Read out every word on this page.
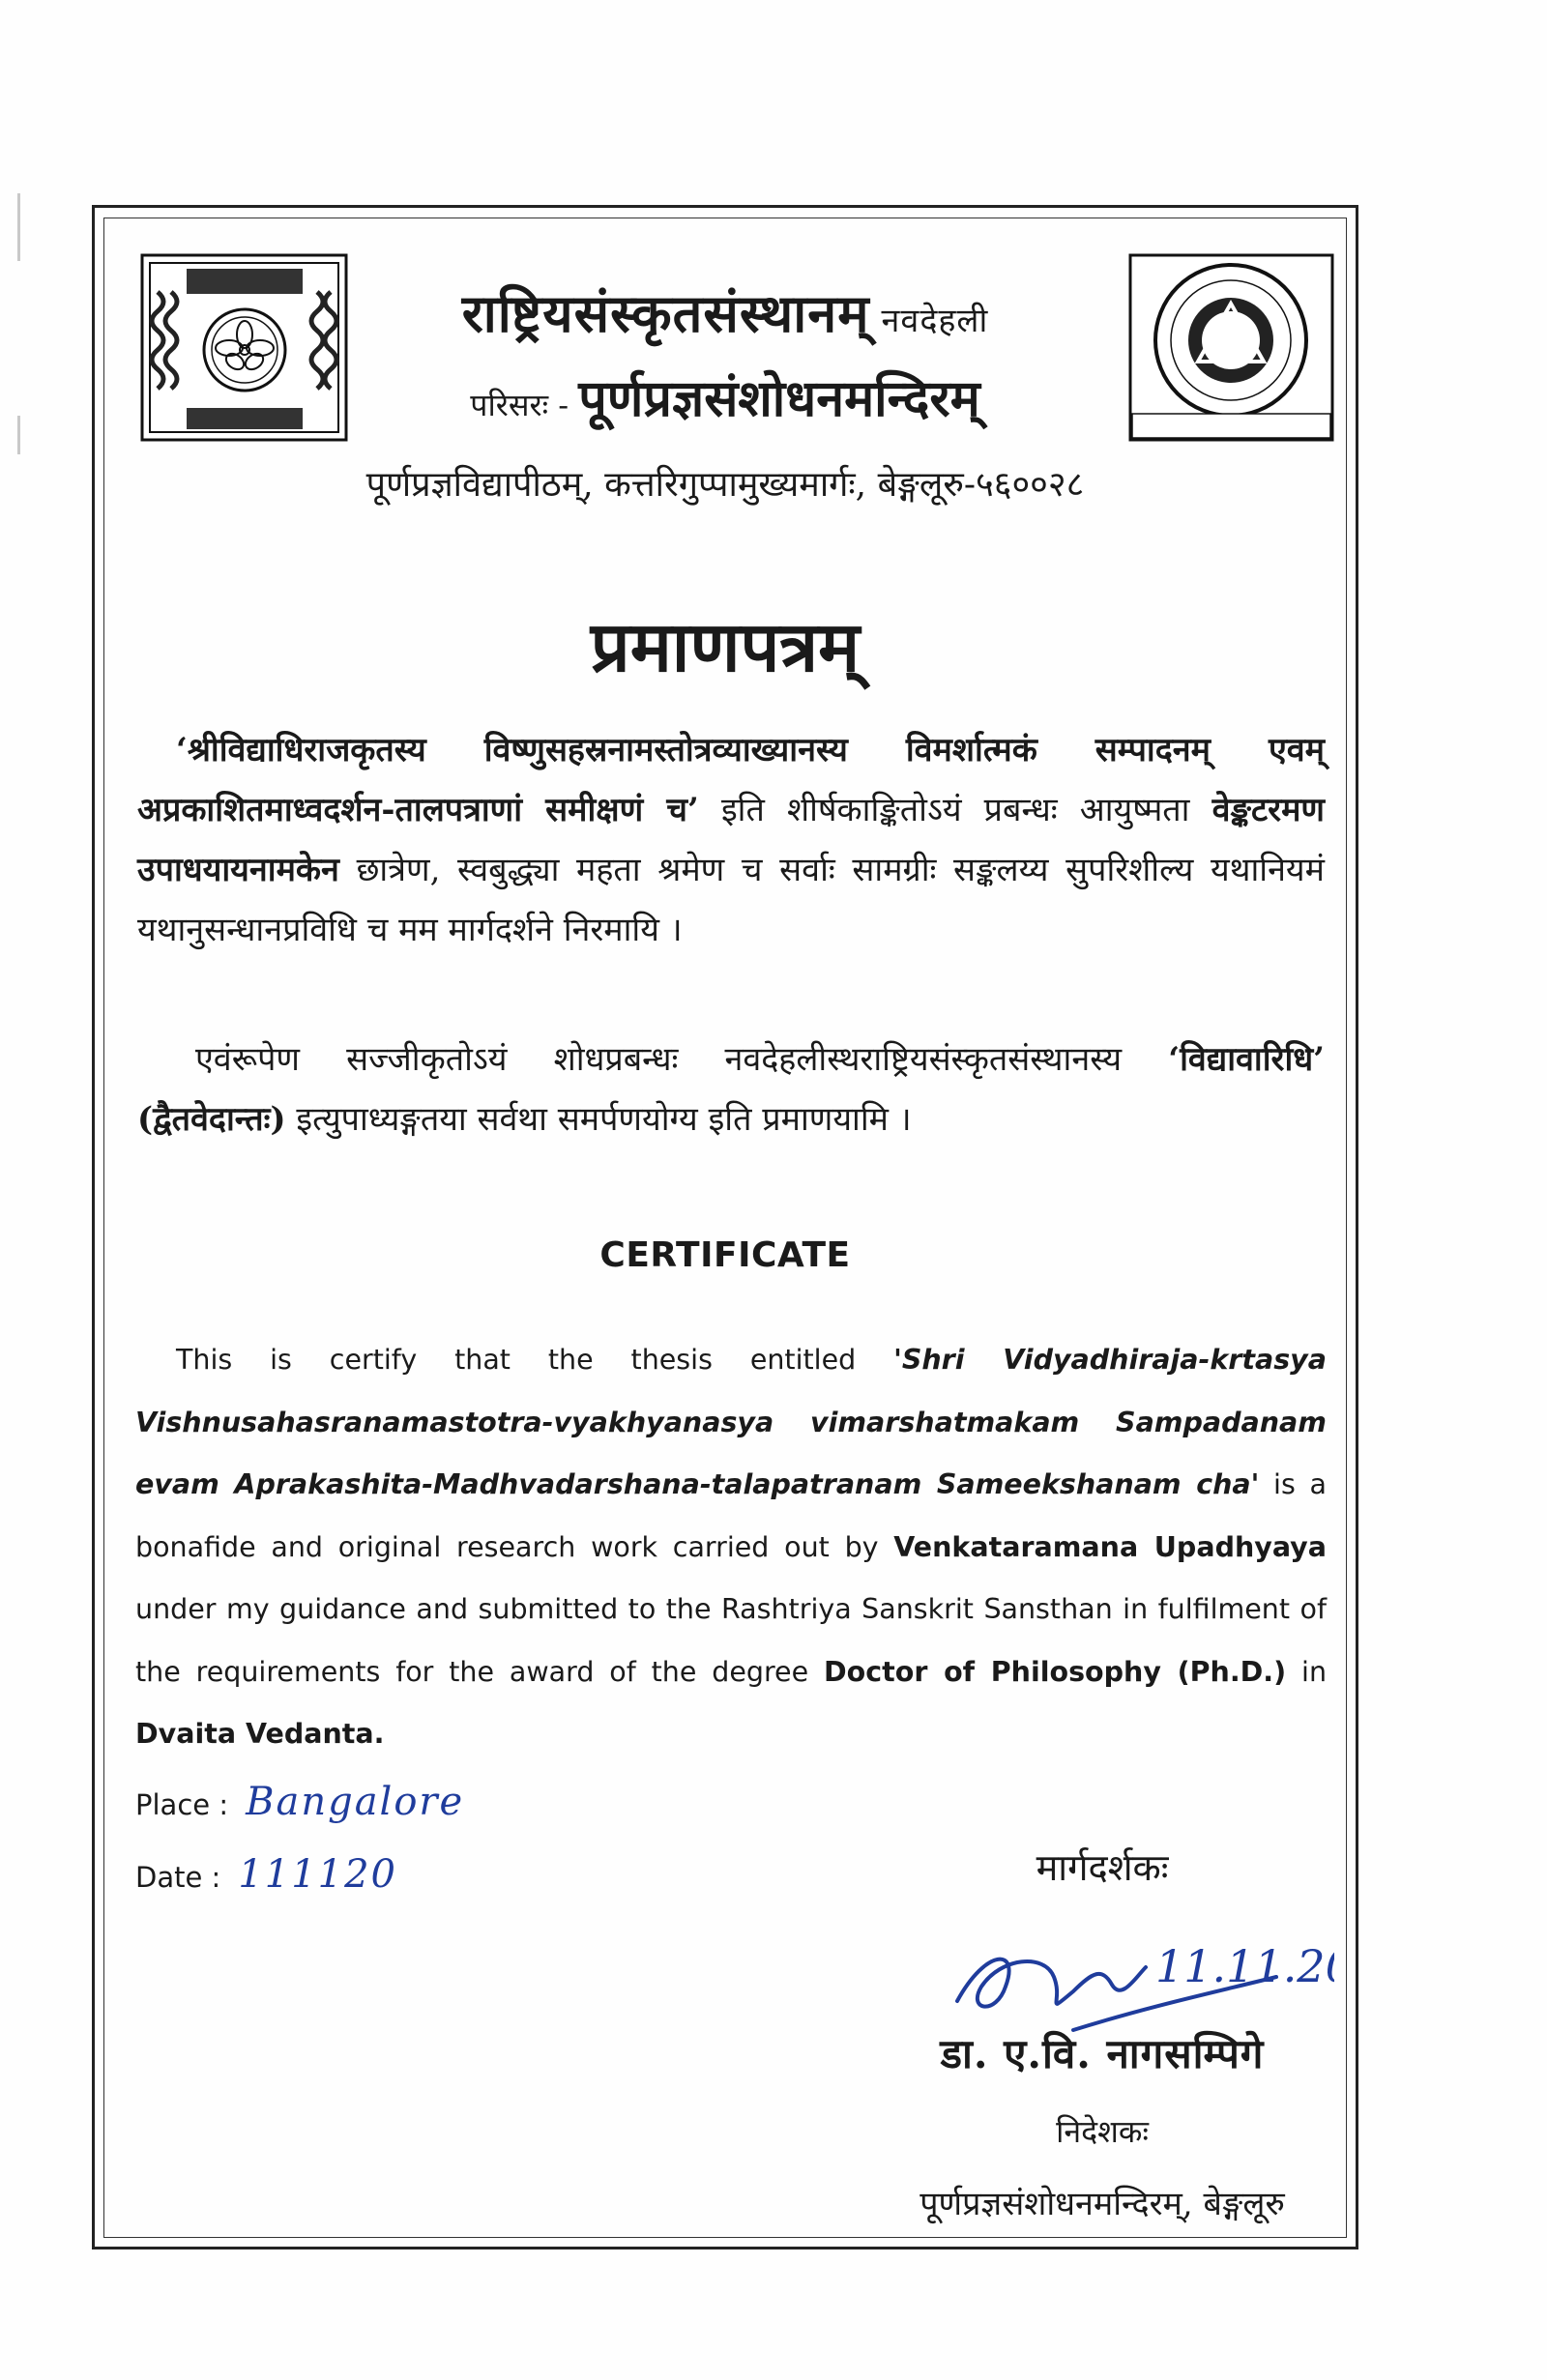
राष्ट्रियसंस्कृतसंस्थानम् नवदेहली
परिसरः - पूर्णप्रज्ञसंशोधनमन्दिरम्
पूर्णप्रज्ञविद्यापीठम्, कत्तरिगुप्पामुख्यमार्गः, बेङ्गलूरु-५६००२८
प्रमाणपत्रम्
‘श्रीविद्याधिराजकृतस्य विष्णुसहस्रनामस्तोत्रव्याख्यानस्य विमर्शात्मकं सम्पादनम् एवम् अप्रकाशितमाध्वदर्शन-तालपत्राणां समीक्षणं च’ इति शीर्षकाङ्कितोऽयं प्रबन्धः आयुष्मता वेङ्कटरमण उपाधयायनामकेन छात्रेण, स्वबुद्ध्या महता श्रमेण च सर्वाः सामग्रीः सङ्कलय्य सुपरिशील्य यथानियमं यथानुसन्धानप्रविधि च मम मार्गदर्शने निरमायि ।
एवंरूपेण सज्जीकृतोऽयं शोधप्रबन्धः नवदेहलीस्थराष्ट्रियसंस्कृतसंस्थानस्य ‘विद्यावारिधि’ (द्वैतवेदान्तः) इत्युपाध्यङ्गतया सर्वथा समर्पणयोग्य इति प्रमाणयामि ।
CERTIFICATE
This is certify that the thesis entitled 'Shri Vidyadhiraja-krtasya Vishnusahasranamastotra-vyakhyanasya vimarshatmakam Sampadanam evam Aprakashita-Madhvadarshana-talapatranam Sameekshanam cha' is a bonafide and original research work carried out by Venkataramana Upadhyaya under my guidance and submitted to the Rashtriya Sanskrit Sansthan in fulfilment of the requirements for the award of the degree Doctor of Philosophy (Ph.D.) in Dvaita Vedanta.
Place : Bangalore
Date : 111120	मार्गदर्शकः
11.11.20
डा. ए.वि. नागसम्पिगे
निदेशकः
पूर्णप्रज्ञसंशोधनमन्दिरम्, बेङ्गलूरु
